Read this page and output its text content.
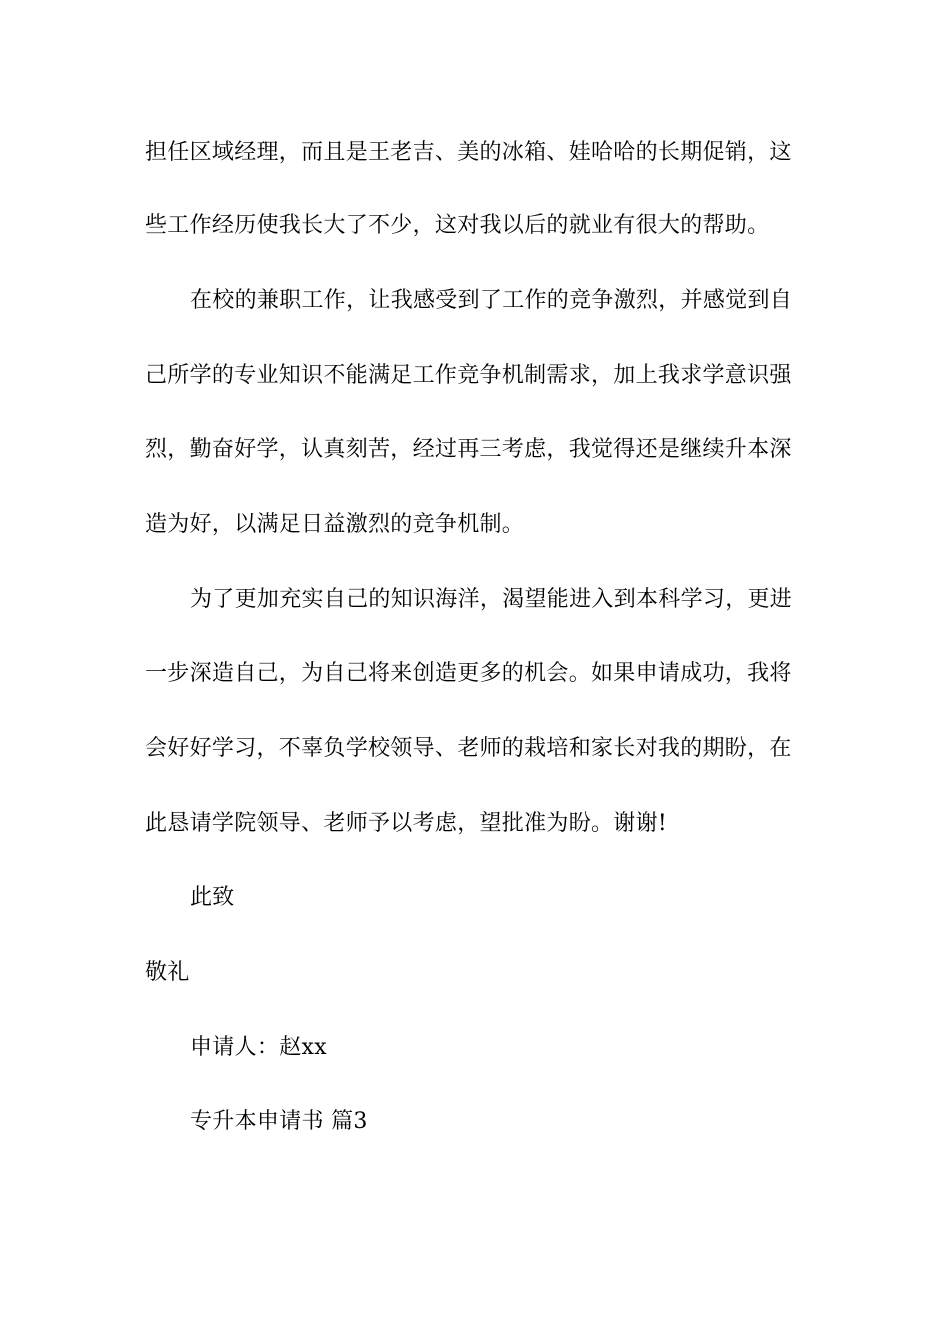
担任区域经理，而且是王老吉、美的冰箱、娃哈哈的长期促销，这
些工作经历使我长大了不少，这对我以后的就业有很大的帮助。
在校的兼职工作，让我感受到了工作的竞争激烈，并感觉到自
己所学的专业知识不能满足工作竞争机制需求，加上我求学意识强
烈，勤奋好学，认真刻苦，经过再三考虑，我觉得还是继续升本深
造为好，以满足日益激烈的竞争机制。
为了更加充实自己的知识海洋，渴望能进入到本科学习，更进
一步深造自己，为自己将来创造更多的机会。如果申请成功，我将
会好好学习，不辜负学校领导、老师的栽培和家长对我的期盼，在
此恳请学院领导、老师予以考虑，望批准为盼。谢谢!
此致
敬礼
申请人：赵xx
专升本申请书 篇3
